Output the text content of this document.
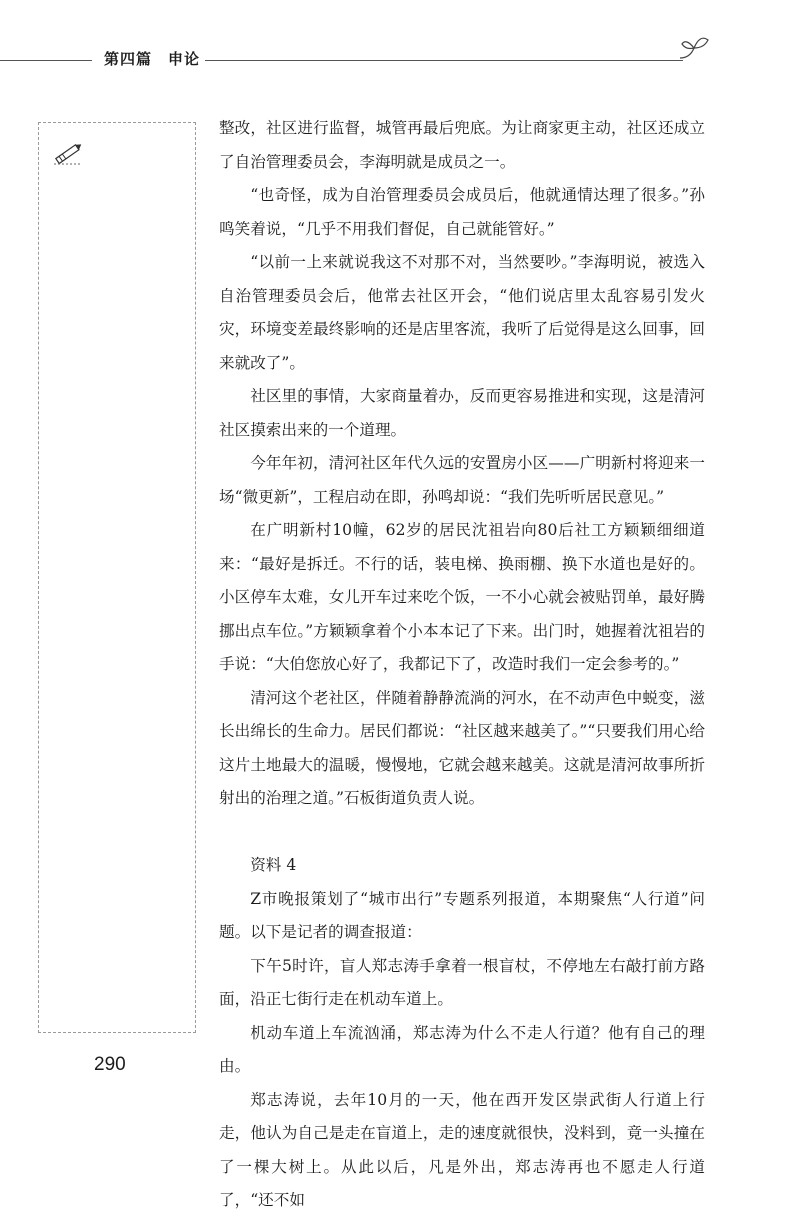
第四篇　申论

整改，社区进行监督，城管再最后兜底。为让商家更主动，社区还成立了自治管理委员会，李海明就是成员之一。

“也奇怪，成为自治管理委员会成员后，他就通情达理了很多。”孙鸣笑着说，“几乎不用我们督促，自己就能管好。”

“以前一上来就说我这不对那不对，当然要吵。”李海明说，被选入自治管理委员会后，他常去社区开会，“他们说店里太乱容易引发火灾，环境变差最终影响的还是店里客流，我听了后觉得是这么回事，回来就改了”。

社区里的事情，大家商量着办，反而更容易推进和实现，这是清河社区摸索出来的一个道理。

今年年初，清河社区年代久远的安置房小区——广明新村将迎来一场“微更新”，工程启动在即，孙鸣却说：“我们先听听居民意见。”

在广明新村10幢，62岁的居民沈祖岩向80后社工方颖颖细细道来：“最好是拆迁。不行的话，装电梯、换雨棚、换下水道也是好的。小区停车太难，女儿开车过来吃个饭，一不小心就会被贴罚单，最好腾挪出点车位。”方颖颖拿着个小本本记了下来。出门时，她握着沈祖岩的手说：“大伯您放心好了，我都记下了，改造时我们一定会参考的。”

清河这个老社区，伴随着静静流淌的河水，在不动声色中蜕变，滋长出绵长的生命力。居民们都说：“社区越来越美了。”“只要我们用心给这片土地最大的温暖，慢慢地，它就会越来越美。这就是清河故事所折射出的治理之道。”石板街道负责人说。

资料 4

Z市晚报策划了“城市出行”专题系列报道，本期聚焦“人行道”问题。以下是记者的调查报道：

下午5时许，盲人郑志涛手拿着一根盲杖，不停地左右敲打前方路面，沿正七街行走在机动车道上。

机动车道上车流汹涌，郑志涛为什么不走人行道？他有自己的理由。

郑志涛说，去年10月的一天，他在西开发区崇武街人行道上行走，他认为自己是走在盲道上，走的速度就很快，没料到，竟一头撞在了一棵大树上。从此以后，凡是外出，郑志涛再也不愿走人行道了，“还不如

290
